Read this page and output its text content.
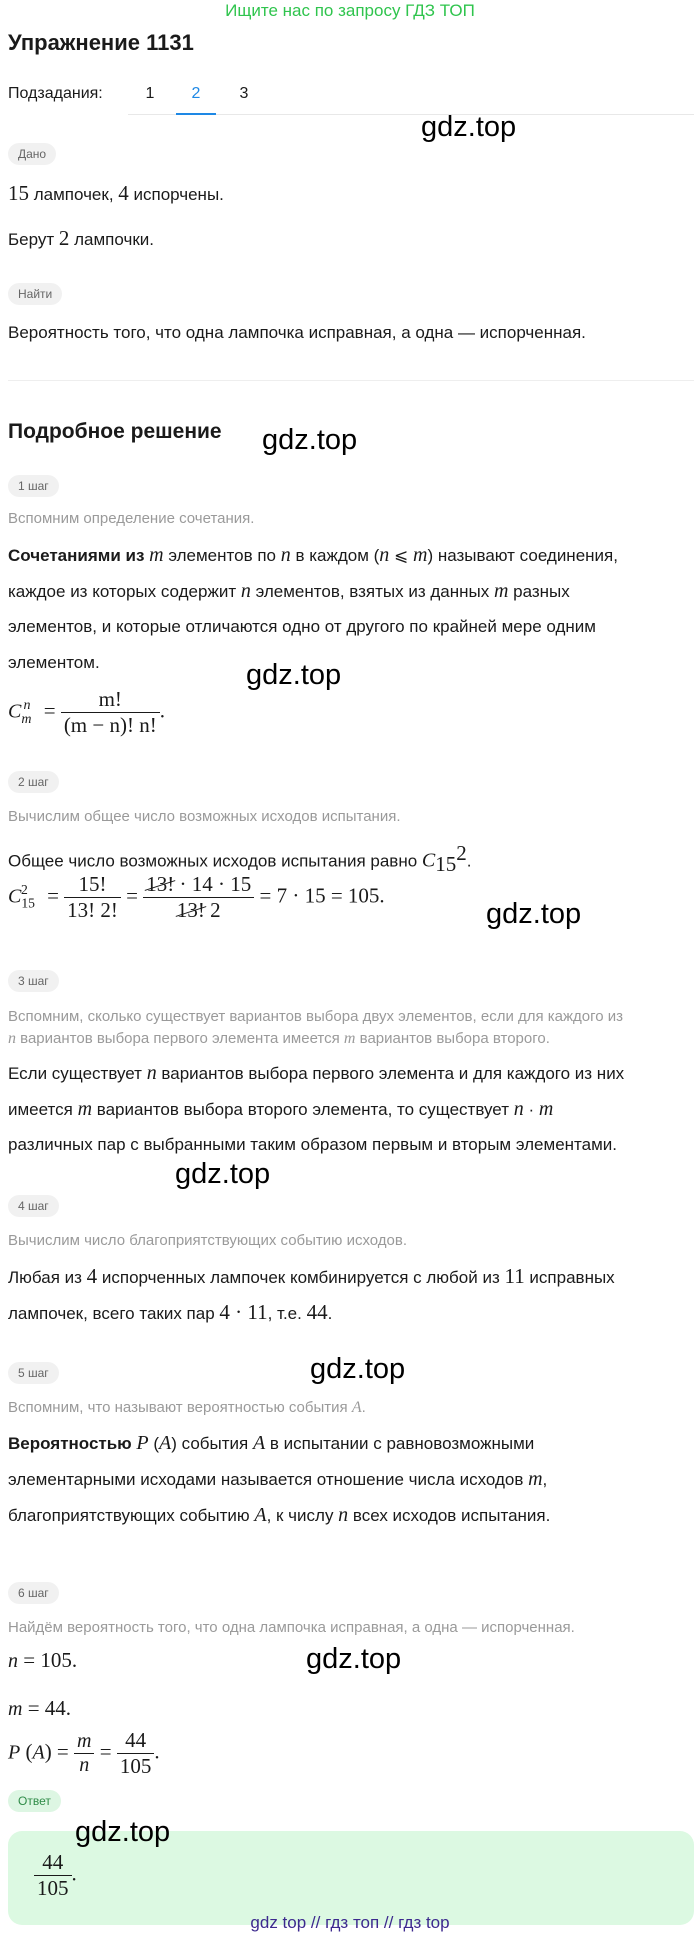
Ищите нас по запросу ГДЗ ТОП
Упражнение 1131
Подзадания:	1	2	3
Дано
15 лампочек, 4 испорчены.
Берут 2 лампочки.
Найти
Вероятность того, что одна лампочка исправная, а одна — испорченная.
Подробное решение
1 шаг
Вспомним определение сочетания.
Сочетаниями из m элементов по n в каждом (n ⩽ m) называют соединения,
каждое из которых содержит n элементов, взятых из данных m разных
элементов, и которые отличаются одно от другого по крайней мере одним
элементом.
$C_m^n = \frac{m!}{(m - n)! n!}$ .
2 шаг
Вычислим общее число возможных исходов испытания.
Общее число возможных исходов испытания равно $C_{15}^2$.
$C_{15}^2 = \frac{15!}{13! 2!} = \frac{13! \cdot 14 \cdot 15}{13! 2} = 7 \cdot 15 = 105$.
3 шаг
Вспомним, сколько существует вариантов выбора двух элементов, если для каждого из
n вариантов выбора первого элемента имеется m вариантов выбора второго.
Если существует n вариантов выбора первого элемента и для каждого из них
имеется m вариантов выбора второго элемента, то существует n · m
различных пар с выбранными таким образом первым и вторым элементами.
4 шаг
Вычислим число благоприятствующих событию исходов.
Любая из 4 испорченных лампочек комбинируется с любой из 11 исправных
лампочек, всего таких пар 4 · 11, т.е. 44.
5 шаг
Вспомним, что называют вероятностью события A.
Вероятностью P (A) события A в испытании с равновозможными
элементарными исходами называется отношение числа исходов m,
благоприятствующих событию A, к числу n всех исходов испытания.
6 шаг
Найдём вероятность того, что одна лампочка исправная, а одна — испорченная.
n = 105.
m = 44.
P $(A) = \frac{m}{n} = \frac{44}{105}$ .
Ответ
$\frac{44}{105}$ .
gdz.top
gdz.top
gdz.top
gdz.top
gdz.top
gdz.top
gdz.top
gdz.top
gdz top // гдз топ // гдз top
